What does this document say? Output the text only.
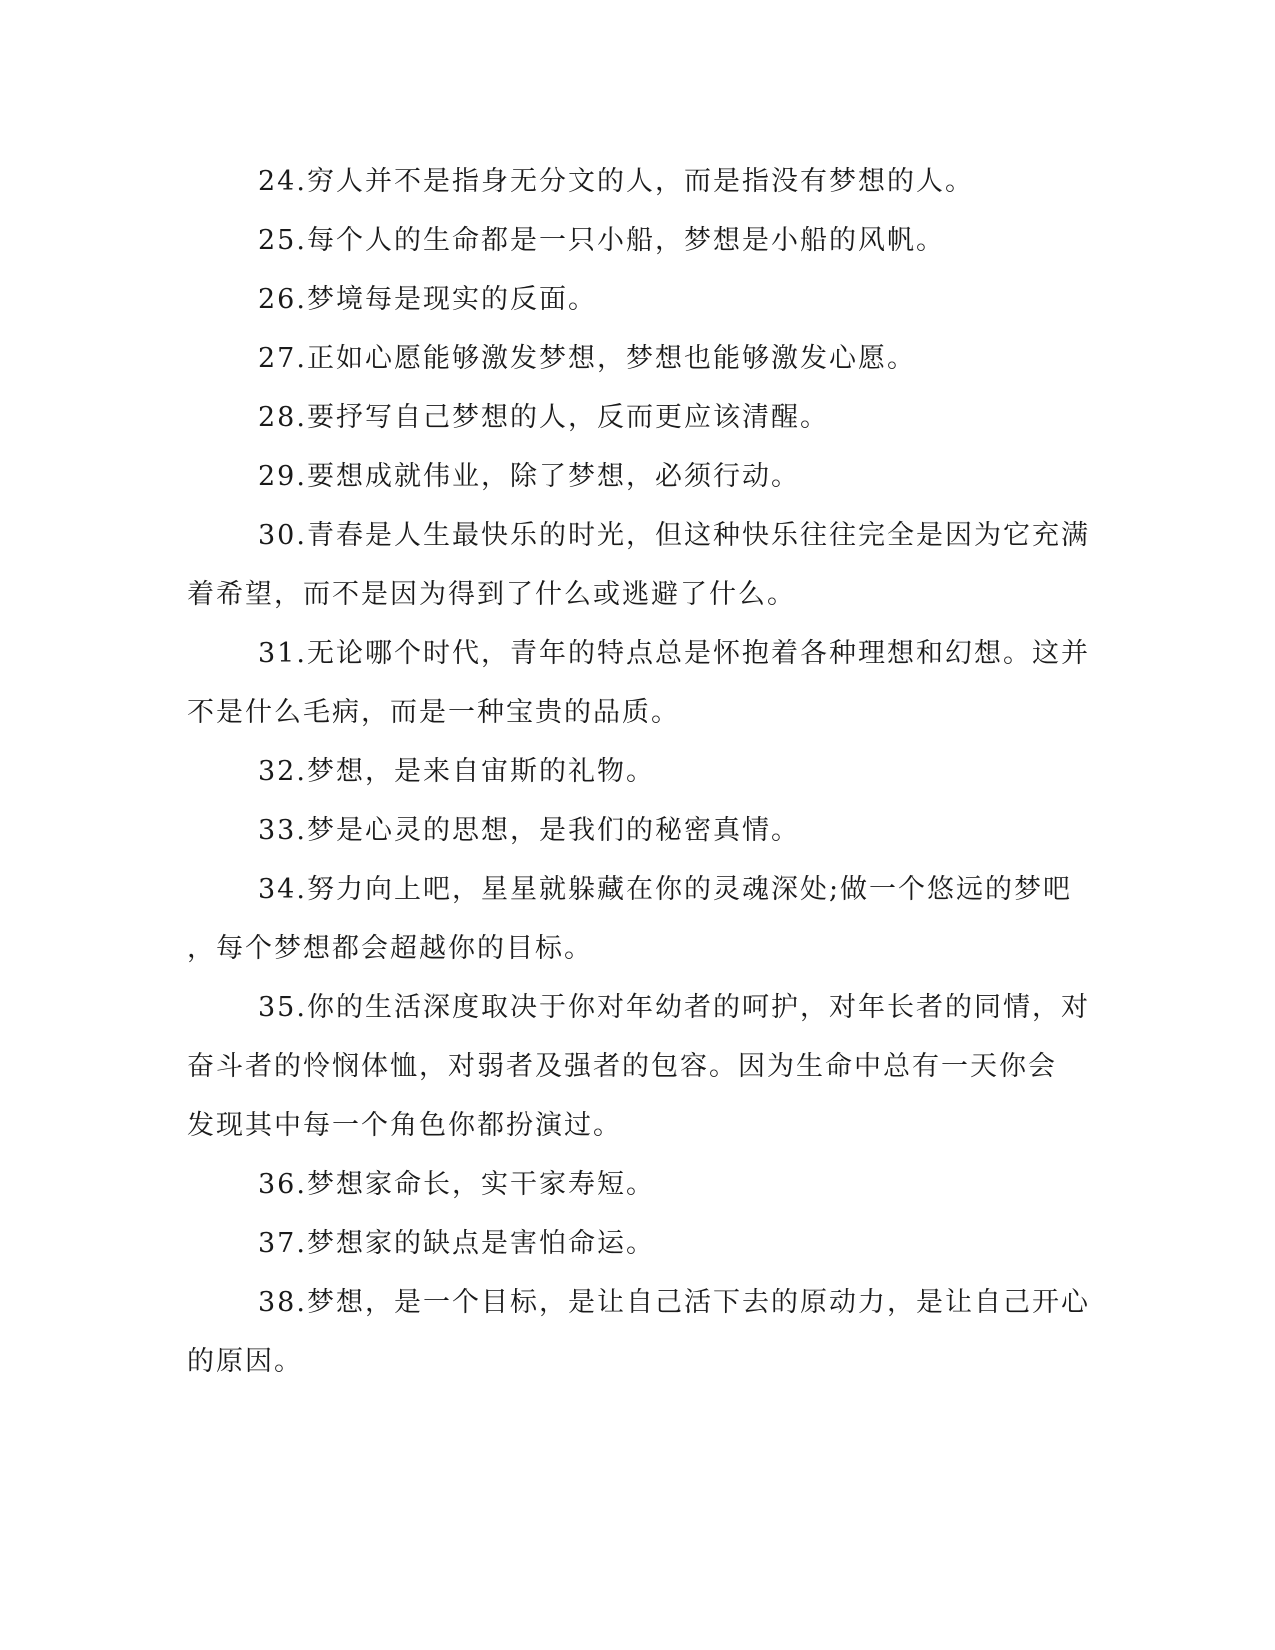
24.穷人并不是指身无分文的人，而是指没有梦想的人。
25.每个人的生命都是一只小船，梦想是小船的风帆。
26.梦境每是现实的反面。
27.正如心愿能够激发梦想，梦想也能够激发心愿。
28.要抒写自己梦想的人，反而更应该清醒。
29.要想成就伟业，除了梦想，必须行动。
30.青春是人生最快乐的时光，但这种快乐往往完全是因为它充满
着希望，而不是因为得到了什么或逃避了什么。
31.无论哪个时代，青年的特点总是怀抱着各种理想和幻想。这并
不是什么毛病，而是一种宝贵的品质。
32.梦想，是来自宙斯的礼物。
33.梦是心灵的思想，是我们的秘密真情。
34.努力向上吧，星星就躲藏在你的灵魂深处;做一个悠远的梦吧
，每个梦想都会超越你的目标。
35.你的生活深度取决于你对年幼者的呵护，对年长者的同情，对
奋斗者的怜悯体恤，对弱者及强者的包容。因为生命中总有一天你会
发现其中每一个角色你都扮演过。
36.梦想家命长，实干家寿短。
37.梦想家的缺点是害怕命运。
38.梦想，是一个目标，是让自己活下去的原动力，是让自己开心
的原因。
